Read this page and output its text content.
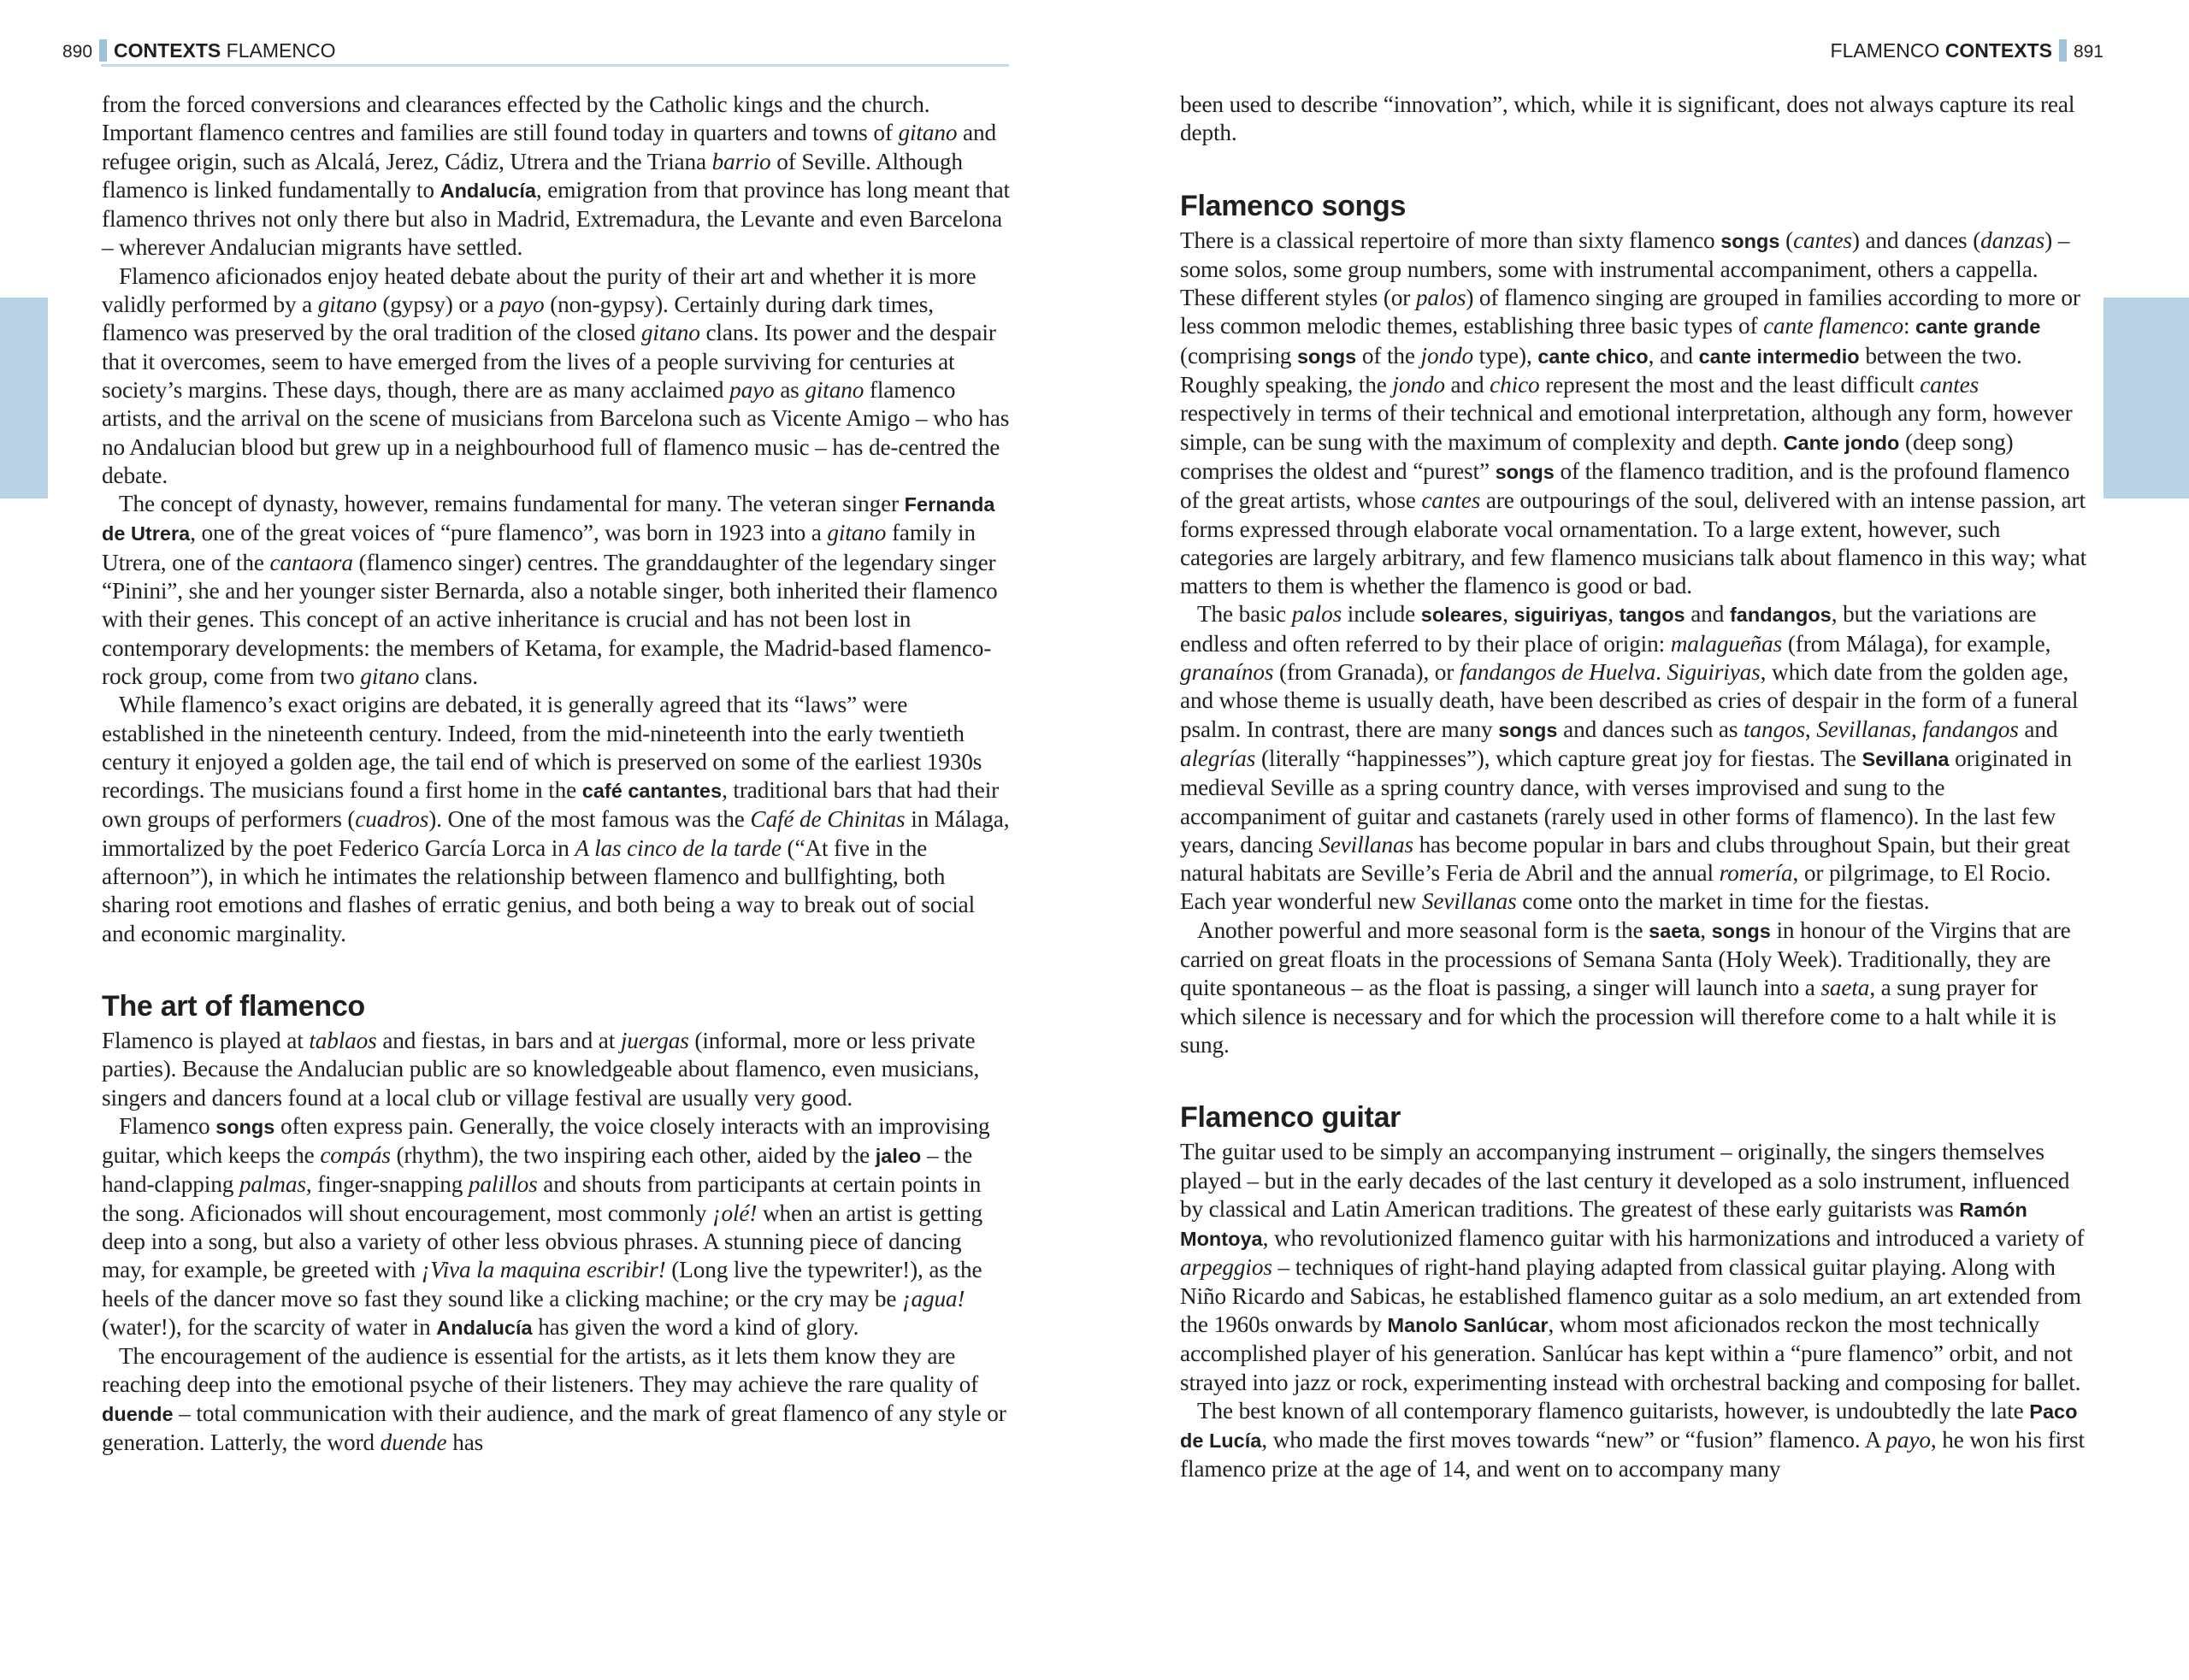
890 CONTEXTS FLAMENCO

from the forced conversions and clearances effected by the Catholic kings and the church. Important flamenco centres and families are still found today in quarters and towns of gitano and refugee origin, such as Alcalá, Jerez, Cádiz, Utrera and the Triana barrio of Seville. Although flamenco is linked fundamentally to Andalucía, emigration from that province has long meant that flamenco thrives not only there but also in Madrid, Extremadura, the Levante and even Barcelona – wherever Andalucian migrants have settled.

Flamenco aficionados enjoy heated debate about the purity of their art and whether it is more validly performed by a gitano (gypsy) or a payo (non-gypsy). Certainly during dark times, flamenco was preserved by the oral tradition of the closed gitano clans. Its power and the despair that it overcomes, seem to have emerged from the lives of a people surviving for centuries at society’s margins. These days, though, there are as many acclaimed payo as gitano flamenco artists, and the arrival on the scene of musicians from Barcelona such as Vicente Amigo – who has no Andalucian blood but grew up in a neighbourhood full of flamenco music – has de-centred the debate.

The concept of dynasty, however, remains fundamental for many. The veteran singer Fernanda de Utrera, one of the great voices of “pure flamenco”, was born in 1923 into a gitano family in Utrera, one of the cantaora (flamenco singer) centres. The granddaughter of the legendary singer “Pinini”, she and her younger sister Bernarda, also a notable singer, both inherited their flamenco with their genes. This concept of an active inheritance is crucial and has not been lost in contemporary developments: the members of Ketama, for example, the Madrid-based flamenco-rock group, come from two gitano clans.

While flamenco’s exact origins are debated, it is generally agreed that its “laws” were established in the nineteenth century. Indeed, from the mid-nineteenth into the early twentieth century it enjoyed a golden age, the tail end of which is preserved on some of the earliest 1930s recordings. The musicians found a first home in the café cantantes, traditional bars that had their own groups of performers (cuadros). One of the most famous was the Café de Chinitas in Málaga, immortalized by the poet Federico García Lorca in A las cinco de la tarde (“At five in the afternoon”), in which he intimates the relationship between flamenco and bullfighting, both sharing root emotions and flashes of erratic genius, and both being a way to break out of social and economic marginality.

The art of flamenco

Flamenco is played at tablaos and fiestas, in bars and at juergas (informal, more or less private parties). Because the Andalucian public are so knowledgeable about flamenco, even musicians, singers and dancers found at a local club or village festival are usually very good.

Flamenco songs often express pain. Generally, the voice closely interacts with an improvising guitar, which keeps the compás (rhythm), the two inspiring each other, aided by the jaleo – the hand-clapping palmas, finger-snapping palillos and shouts from participants at certain points in the song. Aficionados will shout encouragement, most commonly ¡olé! when an artist is getting deep into a song, but also a variety of other less obvious phrases. A stunning piece of dancing may, for example, be greeted with ¡Viva la maquina escribir! (Long live the typewriter!), as the heels of the dancer move so fast they sound like a clicking machine; or the cry may be ¡agua! (water!), for the scarcity of water in Andalucía has given the word a kind of glory.

The encouragement of the audience is essential for the artists, as it lets them know they are reaching deep into the emotional psyche of their listeners. They may achieve the rare quality of duende – total communication with their audience, and the mark of great flamenco of any style or generation. Latterly, the word duende has

FLAMENCO CONTEXTS 891

been used to describe “innovation”, which, while it is significant, does not always capture its real depth.

Flamenco songs

There is a classical repertoire of more than sixty flamenco songs (cantes) and dances (danzas) – some solos, some group numbers, some with instrumental accompaniment, others a cappella. These different styles (or palos) of flamenco singing are grouped in families according to more or less common melodic themes, establishing three basic types of cante flamenco: cante grande (comprising songs of the jondo type), cante chico, and cante intermedio between the two. Roughly speaking, the jondo and chico represent the most and the least difficult cantes respectively in terms of their technical and emotional interpretation, although any form, however simple, can be sung with the maximum of complexity and depth. Cante jondo (deep song) comprises the oldest and “purest” songs of the flamenco tradition, and is the profound flamenco of the great artists, whose cantes are outpourings of the soul, delivered with an intense passion, art forms expressed through elaborate vocal ornamentation. To a large extent, however, such categories are largely arbitrary, and few flamenco musicians talk about flamenco in this way; what matters to them is whether the flamenco is good or bad.

The basic palos include soleares, siguiriyas, tangos and fandangos, but the variations are endless and often referred to by their place of origin: malagueñas (from Málaga), for example, granaínos (from Granada), or fandangos de Huelva. Siguiriyas, which date from the golden age, and whose theme is usually death, have been described as cries of despair in the form of a funeral psalm. In contrast, there are many songs and dances such as tangos, Sevillanas, fandangos and alegrías (literally “happinesses”), which capture great joy for fiestas. The Sevillana originated in medieval Seville as a spring country dance, with verses improvised and sung to the accompaniment of guitar and castanets (rarely used in other forms of flamenco). In the last few years, dancing Sevillanas has become popular in bars and clubs throughout Spain, but their great natural habitats are Seville’s Feria de Abril and the annual romería, or pilgrimage, to El Rocio. Each year wonderful new Sevillanas come onto the market in time for the fiestas.

Another powerful and more seasonal form is the saeta, songs in honour of the Virgins that are carried on great floats in the processions of Semana Santa (Holy Week). Traditionally, they are quite spontaneous – as the float is passing, a singer will launch into a saeta, a sung prayer for which silence is necessary and for which the procession will therefore come to a halt while it is sung.

Flamenco guitar

The guitar used to be simply an accompanying instrument – originally, the singers themselves played – but in the early decades of the last century it developed as a solo instrument, influenced by classical and Latin American traditions. The greatest of these early guitarists was Ramón Montoya, who revolutionized flamenco guitar with his harmonizations and introduced a variety of arpeggios – techniques of right-hand playing adapted from classical guitar playing. Along with Niño Ricardo and Sabicas, he established flamenco guitar as a solo medium, an art extended from the 1960s onwards by Manolo Sanlúcar, whom most aficionados reckon the most technically accomplished player of his generation. Sanlúcar has kept within a “pure flamenco” orbit, and not strayed into jazz or rock, experimenting instead with orchestral backing and composing for ballet.

The best known of all contemporary flamenco guitarists, however, is undoubtedly the late Paco de Lucía, who made the first moves towards “new” or “fusion” flamenco. A payo, he won his first flamenco prize at the age of 14, and went on to accompany many
